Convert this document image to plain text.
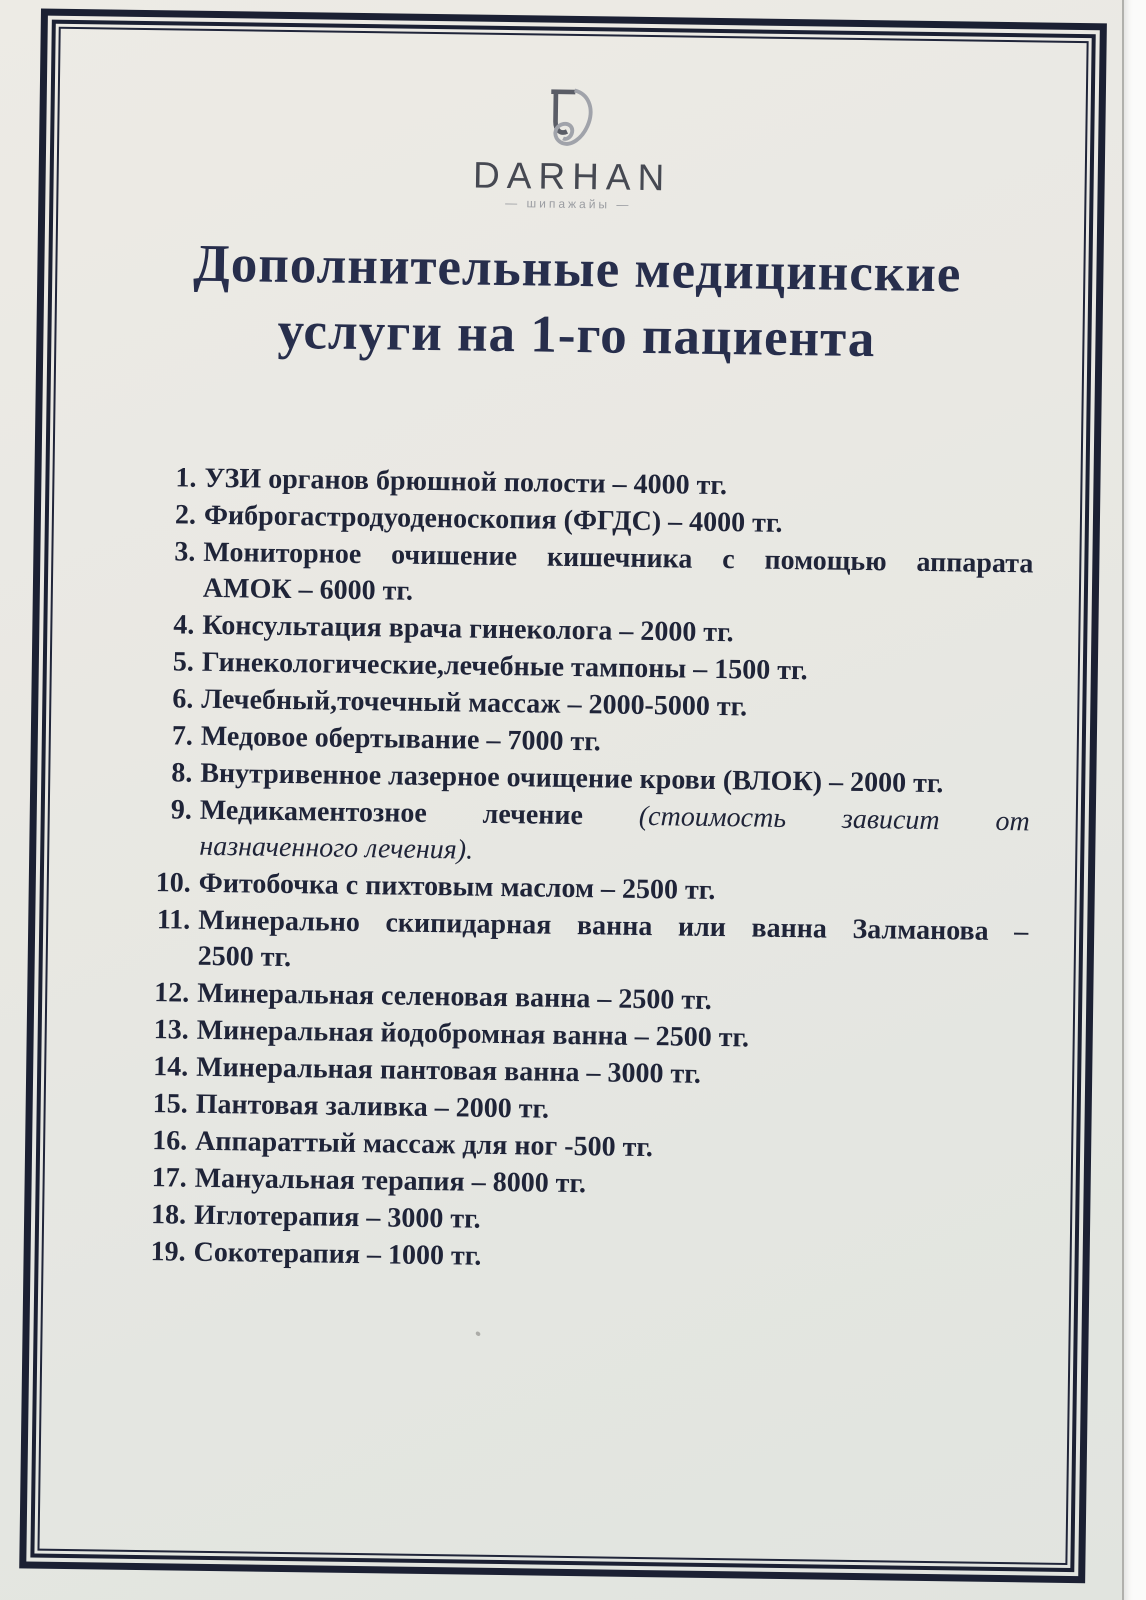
DARHAN
— шипажайы —
Дополнительные медицинские
услуги на 1-го пациента
1. УЗИ органов брюшной полости – 4000 тг.
2. Фиброгастродуоденоскопия (ФГДС) – 4000 тг.
3. Мониторное очишение кишечника с помощью аппарата
АМОК – 6000 тг.
4. Консультация врача гинеколога – 2000 тг.
5. Гинекологические,лечебные тампоны – 1500 тг.
6. Лечебный,точечный массаж – 2000-5000 тг.
7. Медовое обертывание – 7000 тг.
8. Внутривенное лазерное очищение крови (ВЛОК) – 2000 тг.
9. Медикаментозное лечение (стоимость зависит от
назначенного лечения).
10. Фитобочка с пихтовым маслом – 2500 тг.
11. Минерально скипидарная ванна или ванна Залманова –
2500 тг.
12. Минеральная селеновая ванна – 2500 тг.
13. Минеральная йодобромная ванна – 2500 тг.
14. Минеральная пантовая ванна – 3000 тг.
15. Пантовая заливка – 2000 тг.
16. Аппараттый массаж для ног -500 тг.
17. Мануальная терапия – 8000 тг.
18. Иглотерапия – 3000 тг.
19. Сокотерапия – 1000 тг.
